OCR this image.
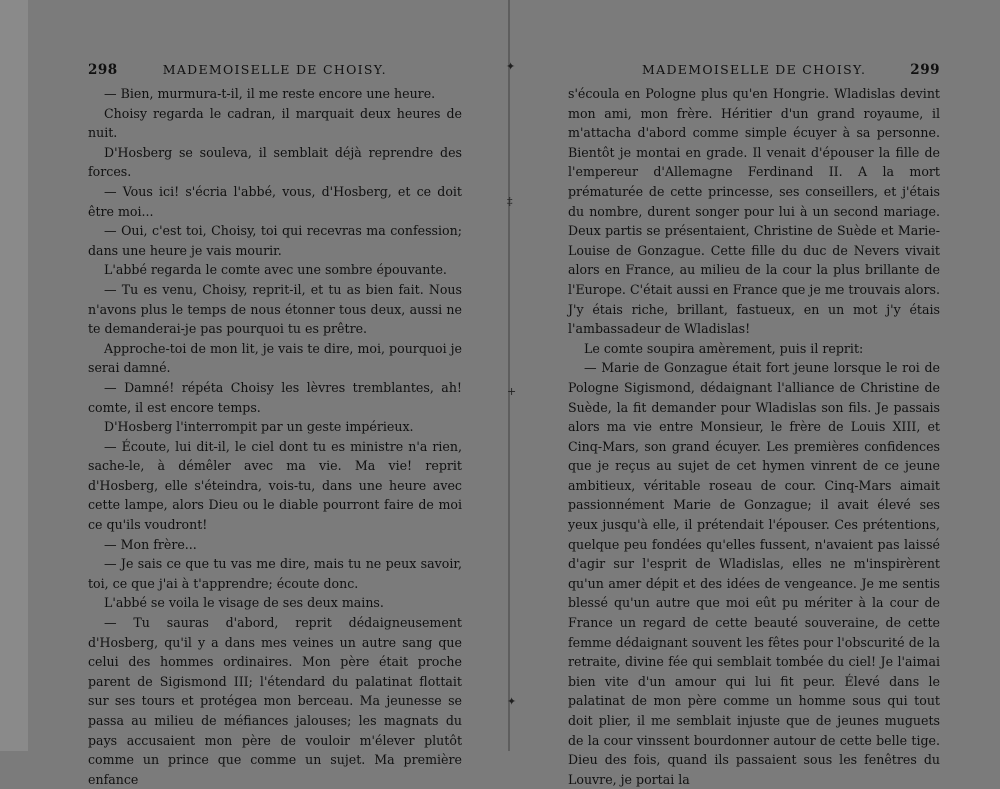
298	MADEMOISELLE DE CHOISY.

— Bien, murmura-t-il, il me reste encore une heure.

Choisy regarda le cadran, il marquait deux heures de nuit.

D'Hosberg se souleva, il semblait déjà reprendre des forces.

— Vous ici! s'écria l'abbé, vous, d'Hosberg, et ce doit être moi...

— Oui, c'est toi, Choisy, toi qui recevras ma confession; dans une heure je vais mourir.

L'abbé regarda le comte avec une sombre épouvante.

— Tu es venu, Choisy, reprit-il, et tu as bien fait. Nous n'avons plus le temps de nous étonner tous deux, aussi ne te demanderai-je pas pourquoi tu es prêtre.

Approche-toi de mon lit, je vais te dire, moi, pourquoi je serai damné.

— Damné! répéta Choisy les lèvres tremblantes, ah! comte, il est encore temps.

D'Hosberg l'interrompit par un geste impérieux.

— Écoute, lui dit-il, le ciel dont tu es ministre n'a rien, sache-le, à démêler avec ma vie. Ma vie! reprit d'Hosberg, elle s'éteindra, vois-tu, dans une heure avec cette lampe, alors Dieu ou le diable pourront faire de moi ce qu'ils voudront!

— Mon frère...

— Je sais ce que tu vas me dire, mais tu ne peux savoir, toi, ce que j'ai à t'apprendre; écoute donc.

L'abbé se voila le visage de ses deux mains.

— Tu sauras d'abord, reprit dédaigneusement d'Hosberg, qu'il y a dans mes veines un autre sang que celui des hommes ordinaires. Mon père était proche parent de Sigismond III; l'étendard du palatinat flottait sur ses tours et protégea mon berceau. Ma jeunesse se passa au milieu de méfiances jalouses; les magnats du pays accusaient mon père de vouloir m'élever plutôt comme un prince que comme un sujet. Ma première enfance

✦
‡
+
✦
MADEMOISELLE DE CHOISY.	299

s'écoula en Pologne plus qu'en Hongrie. Wladislas devint mon ami, mon frère. Héritier d'un grand royaume, il m'attacha d'abord comme simple écuyer à sa personne. Bientôt je montai en grade. Il venait d'épouser la fille de l'empereur d'Allemagne Ferdinand II. A la mort prématurée de cette princesse, ses conseillers, et j'étais du nombre, durent songer pour lui à un second mariage. Deux partis se présentaient, Christine de Suède et Marie-Louise de Gonzague. Cette fille du duc de Nevers vivait alors en France, au milieu de la cour la plus brillante de l'Europe. C'était aussi en France que je me trouvais alors. J'y étais riche, brillant, fastueux, en un mot j'y étais l'ambassadeur de Wladislas!

Le comte soupira amèrement, puis il reprit:

— Marie de Gonzague était fort jeune lorsque le roi de Pologne Sigismond, dédaignant l'alliance de Christine de Suède, la fit demander pour Wladislas son fils. Je passais alors ma vie entre Monsieur, le frère de Louis XIII, et Cinq-Mars, son grand écuyer. Les premières confidences que je reçus au sujet de cet hymen vinrent de ce jeune ambitieux, véritable roseau de cour. Cinq-Mars aimait passionnément Marie de Gonzague; il avait élevé ses yeux jusqu'à elle, il prétendait l'épouser. Ces prétentions, quelque peu fondées qu'elles fussent, n'avaient pas laissé d'agir sur l'esprit de Wladislas, elles ne m'inspirèrent qu'un amer dépit et des idées de vengeance. Je me sentis blessé qu'un autre que moi eût pu mériter à la cour de France un regard de cette beauté souveraine, de cette femme dédaignant souvent les fêtes pour l'obscurité de la retraite, divine fée qui semblait tombée du ciel! Je l'aimai bien vite d'un amour qui lui fit peur. Élevé dans le palatinat de mon père comme un homme sous qui tout doit plier, il me semblait injuste que de jeunes muguets de la cour vinssent bourdonner autour de cette belle tige. Dieu des fois, quand ils passaient sous les fenêtres du Louvre, je portai la
